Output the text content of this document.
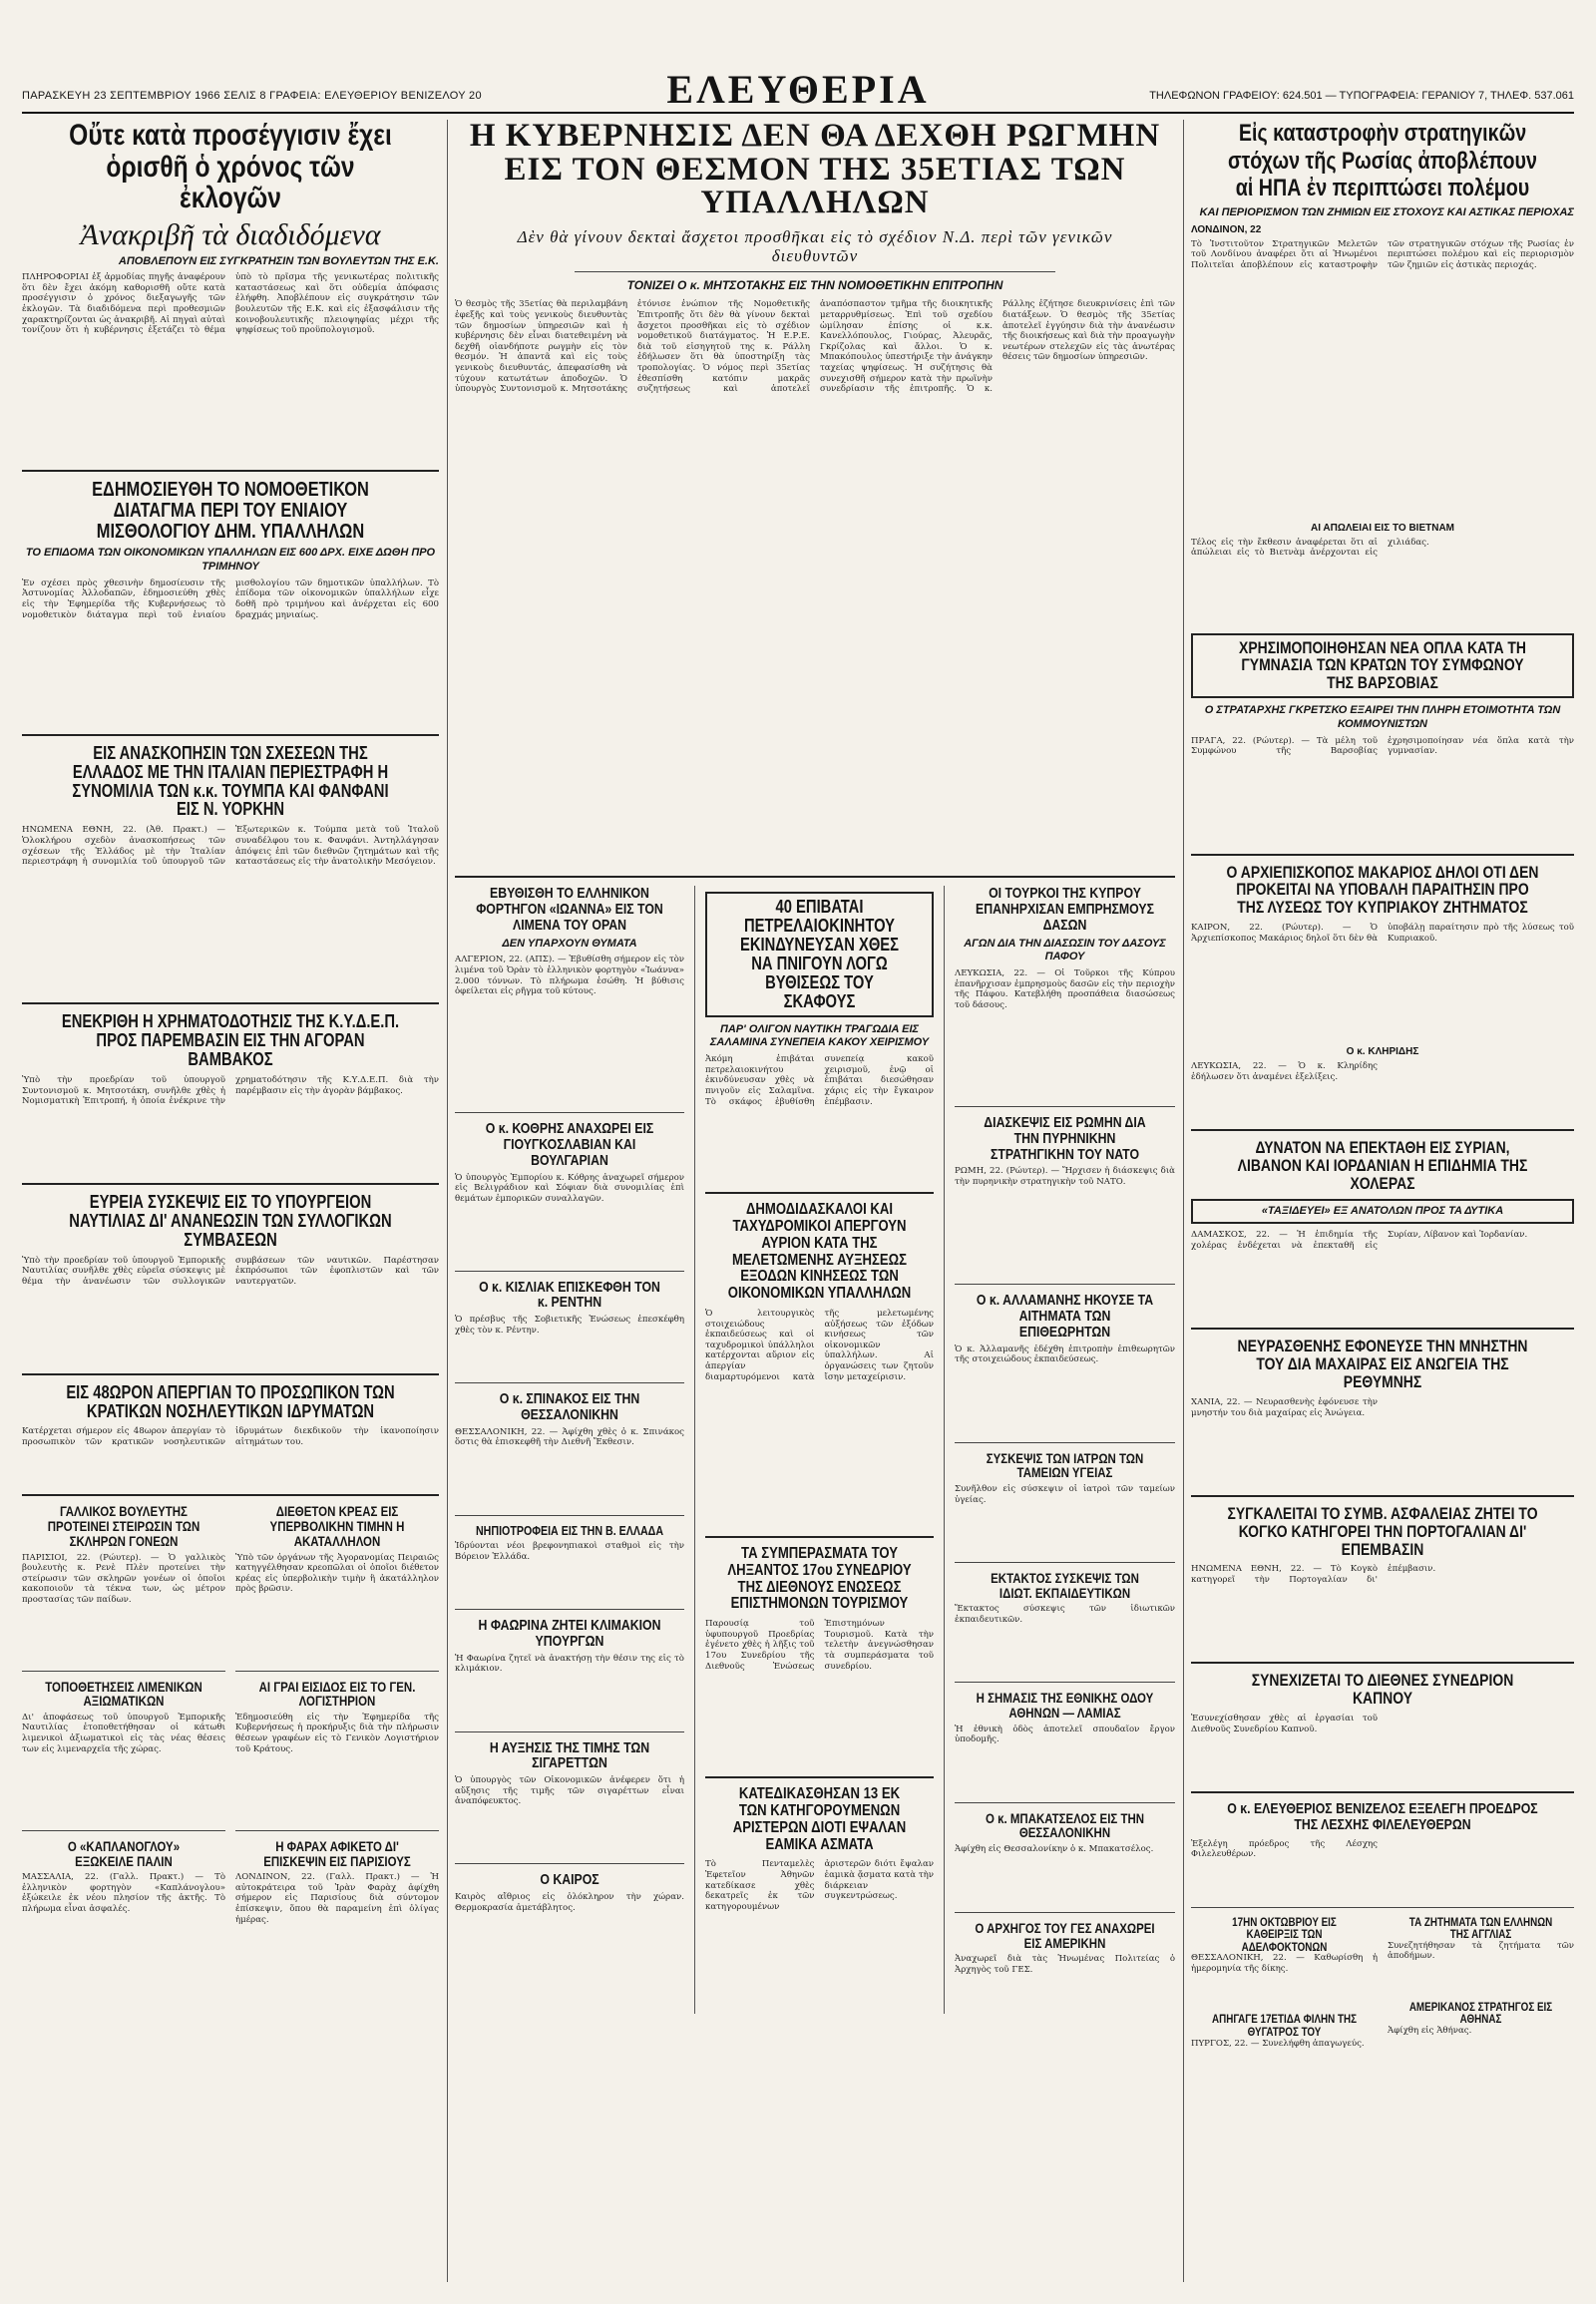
ΠΑΡΑΣΚΕΥΗ 23 ΣΕΠΤΕΜΒΡΙΟΥ 1966 ΣΕΛΙΣ 8 ΓΡΑΦΕΙΑ: ΕΛΕΥΘΕΡΙΟΥ ΒΕΝΙΖΕΛΟΥ 20	ΕΛΕΥΘΕΡΙΑ	ΤΗΛΕΦΩΝΟΝ ΓΡΑΦΕΙΟΥ: 624.501 — ΤΥΠΟΓΡΑΦΕΙΑ: ΓΕΡΑΝΙΟΥ 7, ΤΗΛΕΦ. 537.061
Οὔτε κατὰ προσέγγισιν ἔχει
ὁρισθῆ ὁ χρόνος τῶν ἐκλογῶν
Ἀνακριβῆ τὰ διαδιδόμενα
ΑΠΟΒΛΕΠΟΥΝ ΕΙΣ ΣΥΓΚΡΑΤΗΣΙΝ ΤΩΝ ΒΟΥΛΕΥΤΩΝ ΤΗΣ Ε.Κ.
ΠΛΗΡΟΦΟΡΙΑΙ ἐξ ἁρμοδίας πηγῆς ἀναφέρουν ὅτι δὲν ἔχει ἀκόμη καθορισθῆ οὔτε κατὰ προσέγγισιν ὁ χρόνος διεξαγωγῆς τῶν ἐκλογῶν. Τὰ διαδιδόμενα περὶ προθεσμιῶν χαρακτηρίζονται ὡς ἀνακριβῆ. Αἱ πηγαὶ αὐταὶ τονίζουν ὅτι ἡ κυβέρνησις ἐξετάζει τὸ θέμα ὑπὸ τὸ πρῖσμα τῆς γενικωτέρας πολιτικῆς καταστάσεως καὶ ὅτι οὐδεμία ἀπόφασις ἐλήφθη. Ἀποβλέπουν εἰς συγκράτησιν τῶν βουλευτῶν τῆς Ε.Κ. καὶ εἰς ἐξασφάλισιν τῆς κοινοβουλευτικῆς πλειοψηφίας μέχρι τῆς ψηφίσεως τοῦ προϋπολογισμοῦ.
ΕΔΗΜΟΣΙΕΥΘΗ ΤΟ ΝΟΜΟΘΕΤΙΚΟΝ ΔΙΑΤΑΓΜΑ ΠΕΡΙ ΤΟΥ ΕΝΙΑΙΟΥ ΜΙΣΘΟΛΟΓΙΟΥ ΔΗΜ. ΥΠΑΛΛΗΛΩΝ
ΤΟ ΕΠΙΔΟΜΑ ΤΩΝ ΟΙΚΟΝΟΜΙΚΩΝ ΥΠΑΛΛΗΛΩΝ ΕΙΣ 600 ΔΡΧ. ΕΙΧΕ ΔΩΘΗ ΠΡΟ ΤΡΙΜΗΝΟΥ
Ἐν σχέσει πρὸς χθεσινὴν δημοσίευσιν τῆς Ἀστυνομίας Ἀλλοδαπῶν, ἐδημοσιεύθη χθὲς εἰς τὴν Ἐφημερίδα τῆς Κυβερνήσεως τὸ νομοθετικὸν διάταγμα περὶ τοῦ ἑνιαίου μισθολογίου τῶν δημοτικῶν ὑπαλλήλων. Τὸ ἐπίδομα τῶν οἰκονομικῶν ὑπαλλήλων εἶχε δοθῆ πρὸ τριμήνου καὶ ἀνέρχεται εἰς 600 δραχμάς μηνιαίως.
ΕΙΣ ΑΝΑΣΚΟΠΗΣΙΝ ΤΩΝ ΣΧΕΣΕΩΝ ΤΗΣ ΕΛΛΑΔΟΣ ΜΕ ΤΗΝ ΙΤΑΛΙΑΝ ΠΕΡΙΕΣΤΡΑΦΗ Η ΣΥΝΟΜΙΛΙΑ ΤΩΝ κ.κ. ΤΟΥΜΠΑ ΚΑΙ ΦΑΝΦΑΝΙ ΕΙΣ Ν. ΥΟΡΚΗΝ
ΗΝΩΜΕΝΑ ΕΘΝΗ, 22. (Ἀθ. Πρακτ.) — Ὁλοκλήρου σχεδὸν ἀνασκοπήσεως τῶν σχέσεων τῆς Ἑλλάδος μὲ τὴν Ἰταλίαν περιεστράφη ἡ συνομιλία τοῦ ὑπουργοῦ τῶν Ἐξωτερικῶν κ. Τούμπα μετὰ τοῦ Ἰταλοῦ συναδέλφου του κ. Φανφάνι. Ἀντηλλάγησαν ἀπόψεις ἐπὶ τῶν διεθνῶν ζητημάτων καὶ τῆς καταστάσεως εἰς τὴν ἀνατολικὴν Μεσόγειον.
ΕΝΕΚΡΙΘΗ Η ΧΡΗΜΑΤΟΔΟΤΗΣΙΣ ΤΗΣ Κ.Υ.Δ.Ε.Π. ΠΡΟΣ ΠΑΡΕΜΒΑΣΙΝ ΕΙΣ ΤΗΝ ΑΓΟΡΑΝ ΒΑΜΒΑΚΟΣ
Ὑπὸ τὴν προεδρίαν τοῦ ὑπουργοῦ Συντονισμοῦ κ. Μητσοτάκη, συνῆλθε χθὲς ἡ Νομισματικὴ Ἐπιτροπή, ἡ ὁποία ἐνέκρινε τὴν χρηματοδότησιν τῆς Κ.Υ.Δ.Ε.Π. διὰ τὴν παρέμβασιν εἰς τὴν ἀγορὰν βάμβακος.
ΕΥΡΕΙΑ ΣΥΣΚΕΨΙΣ ΕΙΣ ΤΟ ΥΠΟΥΡΓΕΙΟΝ ΝΑΥΤΙΛΙΑΣ ΔΙ' ΑΝΑΝΕΩΣΙΝ ΤΩΝ ΣΥΛΛΟΓΙΚΩΝ ΣΥΜΒΑΣΕΩΝ
Ὑπὸ τὴν προεδρίαν τοῦ ὑπουργοῦ Ἐμπορικῆς Ναυτιλίας συνῆλθε χθὲς εὐρεῖα σύσκεψις μὲ θέμα τὴν ἀνανέωσιν τῶν συλλογικῶν συμβάσεων τῶν ναυτικῶν. Παρέστησαν ἐκπρόσωποι τῶν ἐφοπλιστῶν καὶ τῶν ναυτεργατῶν.
ΕΙΣ 48ΩΡΟΝ ΑΠΕΡΓΙΑΝ ΤΟ ΠΡΟΣΩΠΙΚΟΝ ΤΩΝ ΚΡΑΤΙΚΩΝ ΝΟΣΗΛΕΥΤΙΚΩΝ ΙΔΡΥΜΑΤΩΝ
Κατέρχεται σήμερον εἰς 48ωρον ἀπεργίαν τὸ προσωπικὸν τῶν κρατικῶν νοσηλευτικῶν ἱδρυμάτων διεκδικοῦν τὴν ἱκανοποίησιν αἰτημάτων του.
ΓΑΛΛΙΚΟΣ ΒΟΥΛΕΥΤΗΣ ΠΡΟΤΕΙΝΕΙ ΣΤΕΙΡΩΣΙΝ ΤΩΝ ΣΚΛΗΡΩΝ ΓΟΝΕΩΝ
ΠΑΡΙΣΙΟΙ, 22. (Ρώυτερ). — Ὁ γαλλικὸς βουλευτὴς κ. Ρενὲ Πλὲν προτείνει τὴν στείρωσιν τῶν σκληρῶν γονέων οἱ ὁποῖοι κακοποιοῦν τὰ τέκνα των, ὡς μέτρον προστασίας τῶν παίδων.
ΤΟΠΟΘΕΤΗΣΕΙΣ ΛΙΜΕΝΙΚΩΝ ΑΞΙΩΜΑΤΙΚΩΝ
Δι' ἀποφάσεως τοῦ ὑπουργοῦ Ἐμπορικῆς Ναυτιλίας ἐτοποθετήθησαν οἱ κάτωθι λιμενικοὶ ἀξιωματικοὶ εἰς τὰς νέας θέσεις των εἰς λιμεναρχεῖα τῆς χώρας.
Ο «ΚΑΠΛΑΝΟΓΛΟΥ» ΕΞΩΚΕΙΛΕ ΠΑΛΙΝ
ΜΑΣΣΑΛΙΑ, 22. (Γαλλ. Πρακτ.) — Τὸ ἑλληνικὸν φορτηγὸν «Καπλάνογλου» ἐξώκειλε ἐκ νέου πλησίον τῆς ἀκτῆς. Τὸ πλήρωμα εἶναι ἀσφαλές.
ΔΙΕΘΕΤΟΝ ΚΡΕΑΣ ΕΙΣ ΥΠΕΡΒΟΛΙΚΗΝ ΤΙΜΗΝ Η ΑΚΑΤΑΛΛΗΛΟΝ
Ὑπὸ τῶν ὀργάνων τῆς Ἀγορανομίας Πειραιῶς κατηγγέλθησαν κρεοπῶλαι οἱ ὁποῖοι διέθετον κρέας εἰς ὑπερβολικὴν τιμὴν ἢ ἀκατάλληλον πρὸς βρῶσιν.
ΑΙ ΓΡΑΙ ΕΙΣΙΔΟΣ ΕΙΣ ΤΟ ΓΕΝ. ΛΟΓΙΣΤΗΡΙΟΝ
Ἐδημοσιεύθη εἰς τὴν Ἐφημερίδα τῆς Κυβερνήσεως ἡ προκήρυξις διὰ τὴν πλήρωσιν θέσεων γραφέων εἰς τὸ Γενικὸν Λογιστήριον τοῦ Κράτους.
Η ΦΑΡΑΧ ΑΦΙΚΕΤΟ ΔΙ' ΕΠΙΣΚΕΨΙΝ ΕΙΣ ΠΑΡΙΣΙΟΥΣ
ΛΟΝΔΙΝΟΝ, 22. (Γαλλ. Πρακτ.) — Ἡ αὐτοκράτειρα τοῦ Ἰρὰν Φαρὰχ ἀφίχθη σήμερον εἰς Παρισίους διὰ σύντομον ἐπίσκεψιν, ὅπου θὰ παραμείνη ἐπὶ ὀλίγας ἡμέρας.
Η ΚΥΒΕΡΝΗΣΙΣ ΔΕΝ ΘΑ ΔΕΧΘΗ ΡΩΓΜΗΝ ΕΙΣ ΤΟΝ ΘΕΣΜΟΝ ΤΗΣ 35ΕΤΙΑΣ ΤΩΝ ΥΠΑΛΛΗΛΩΝ
Δὲν θὰ γίνουν δεκταὶ ἄσχετοι προσθῆκαι εἰς τὸ σχέδιον Ν.Δ. περὶ τῶν γενικῶν διευθυντῶν
ΤΟΝΙΖΕΙ Ο κ. ΜΗΤΣΟΤΑΚΗΣ ΕΙΣ ΤΗΝ ΝΟΜΟΘΕΤΙΚΗΝ ΕΠΙΤΡΟΠΗΝ
Ὁ θεσμὸς τῆς 35ετίας θὰ περιλαμβάνη ἐφεξῆς καὶ τοὺς γενικοὺς διευθυντὰς τῶν δημοσίων ὑπηρεσιῶν καὶ ἡ κυβέρνησις δὲν εἶναι διατεθειμένη νὰ δεχθῆ οἱανδήποτε ρωγμὴν εἰς τὸν θεσμόν. Ἡ ἀπαντᾶ καὶ εἰς τοὺς γενικοὺς διευθυντάς, ἀπεφασίσθη νὰ τύχουν κατωτάτων ἀποδοχῶν. Ὁ ὑπουργὸς Συντονισμοῦ κ. Μητσοτάκης ἐτόνισε ἐνώπιον τῆς Νομοθετικῆς Ἐπιτροπῆς ὅτι δὲν θὰ γίνουν δεκταὶ ἄσχετοι προσθῆκαι εἰς τὸ σχέδιον νομοθετικοῦ διατάγματος. Ἡ Ε.Ρ.Ε. διὰ τοῦ εἰσηγητοῦ της κ. Ράλλη ἐδήλωσεν ὅτι θὰ ὑποστηρίξη τὰς τροπολογίας. Ὁ νόμος περὶ 35ετίας ἐθεσπίσθη κατόπιν μακρᾶς συζητήσεως καὶ ἀποτελεῖ ἀναπόσπαστον τμῆμα τῆς διοικητικῆς μεταρρυθμίσεως. Ἐπὶ τοῦ σχεδίου ὡμίλησαν ἐπίσης οἱ κ.κ. Κανελλόπουλος, Γιούρας, Ἀλευρᾶς, Γκρίζολας καὶ ἄλλοι. Ὁ κ. Μπακόπουλος ὑπεστήριξε τὴν ἀνάγκην ταχείας ψηφίσεως. Ἡ συζήτησις θὰ συνεχισθῆ σήμερον κατὰ τὴν πρωϊνὴν συνεδρίασιν τῆς ἐπιτροπῆς. Ὁ κ. Ράλλης ἐζήτησε διευκρινίσεις ἐπὶ τῶν διατάξεων. Ὁ θεσμὸς τῆς 35ετίας ἀποτελεῖ ἐγγύησιν διὰ τὴν ἀνανέωσιν τῆς διοικήσεως καὶ διὰ τὴν προαγωγὴν νεωτέρων στελεχῶν εἰς τὰς ἀνωτέρας θέσεις τῶν δημοσίων ὑπηρεσιῶν.
ΕΒΥΘΙΣΘΗ ΤΟ ΕΛΛΗΝΙΚΟΝ ΦΟΡΤΗΓΟΝ «ΙΩΑΝΝΑ» ΕΙΣ ΤΟΝ ΛΙΜΕΝΑ ΤΟΥ ΟΡΑΝ
ΔΕΝ ΥΠΑΡΧΟΥΝ ΘΥΜΑΤΑ
ΑΛΓΕΡΙΟΝ, 22. (ΑΠΣ). — Ἐβυθίσθη σήμερον εἰς τὸν λιμένα τοῦ Ὀρὰν τὸ ἑλληνικὸν φορτηγὸν «Ἰωάννα» 2.000 τόννων. Τὸ πλήρωμα ἐσώθη. Ἡ βύθισις ὀφείλεται εἰς ρῆγμα τοῦ κύτους.
Ο κ. ΚΟΘΡΗΣ ΑΝΑΧΩΡΕΙ ΕΙΣ ΓΙΟΥΓΚΟΣΛΑΒΙΑΝ ΚΑΙ ΒΟΥΛΓΑΡΙΑΝ
Ὁ ὑπουργὸς Ἐμπορίου κ. Κόθρης ἀναχωρεῖ σήμερον εἰς Βελιγράδιον καὶ Σόφιαν διὰ συνομιλίας ἐπὶ θεμάτων ἐμπορικῶν συναλλαγῶν.
Ο κ. ΚΙΣΛΙΑΚ ΕΠΙΣΚΕΦΘΗ ΤΟΝ κ. ΡΕΝΤΗΝ
Ὁ πρέσβυς τῆς Σοβιετικῆς Ἑνώσεως ἐπεσκέφθη χθὲς τὸν κ. Ρέντην.
Ο κ. ΣΠΙΝΑΚΟΣ ΕΙΣ ΤΗΝ ΘΕΣΣΑΛΟΝΙΚΗΝ
ΘΕΣΣΑΛΟΝΙΚΗ, 22. — Ἀφίχθη χθὲς ὁ κ. Σπινάκος ὅστις θὰ ἐπισκεφθῆ τὴν Διεθνῆ Ἔκθεσιν.
ΝΗΠΙΟΤΡΟΦΕΙΑ ΕΙΣ ΤΗΝ Β. ΕΛΛΑΔΑ
Ἱδρύονται νέοι βρεφονηπιακοὶ σταθμοὶ εἰς τὴν Βόρειον Ἑλλάδα.
Η ΦΑΩΡΙΝΑ ΖΗΤΕΙ ΚΛΙΜΑΚΙΟΝ ΥΠΟΥΡΓΩΝ
Ἡ Φαωρίνα ζητεῖ νὰ ἀνακτήσῃ τὴν θέσιν της εἰς τὸ κλιμάκιον.
Η ΑΥΞΗΣΙΣ ΤΗΣ ΤΙΜΗΣ ΤΩΝ ΣΙΓΑΡΕΤΤΩΝ
Ὁ ὑπουργὸς τῶν Οἰκονομικῶν ἀνέφερεν ὅτι ἡ αὔξησις τῆς τιμῆς τῶν σιγαρέττων εἶναι ἀναπόφευκτος.
Ο ΚΑΙΡΟΣ
Καιρὸς αἴθριος εἰς ὁλόκληρον τὴν χώραν. Θερμοκρασία ἀμετάβλητος.
40 ΕΠΙΒΑΤΑΙ ΠΕΤΡΕΛΑΙΟΚΙΝΗΤΟΥ ΕΚΙΝΔΥΝΕΥΣΑΝ ΧΘΕΣ ΝΑ ΠΝΙΓΟΥΝ ΛΟΓΩ ΒΥΘΙΣΕΩΣ ΤΟΥ ΣΚΑΦΟΥΣ
ΠΑΡ' ΟΛΙΓΟΝ ΝΑΥΤΙΚΗ ΤΡΑΓΩΔΙΑ ΕΙΣ ΣΑΛΑΜΙΝΑ ΣΥΝΕΠΕΙΑ ΚΑΚΟΥ ΧΕΙΡΙΣΜΟΥ
Ἀκόμη ἐπιβάται πετρελαιοκινήτου ἐκινδύνευσαν χθὲς νὰ πνιγοῦν εἰς Σαλαμῖνα. Τὸ σκάφος ἐβυθίσθη συνεπείᾳ κακοῦ χειρισμοῦ, ἐνῷ οἱ ἐπιβάται διεσώθησαν χάρις εἰς τὴν ἔγκαιρον ἐπέμβασιν.
ΔΗΜΟΔΙΔΑΣΚΑΛΟΙ ΚΑΙ ΤΑΧΥΔΡΟΜΙΚΟΙ ΑΠΕΡΓΟΥΝ ΑΥΡΙΟΝ ΚΑΤΑ ΤΗΣ ΜΕΛΕΤΩΜΕΝΗΣ ΑΥΞΗΣΕΩΣ ΕΞΟΔΩΝ ΚΙΝΗΣΕΩΣ ΤΩΝ ΟΙΚΟΝΟΜΙΚΩΝ ΥΠΑΛΛΗΛΩΝ
Ὁ λειτουργικὸς στοιχειώδους ἐκπαιδεύσεως καὶ οἱ ταχυδρομικοὶ ὑπάλληλοι κατέρχονται αὔριον εἰς ἀπεργίαν διαμαρτυρόμενοι κατὰ τῆς μελετωμένης αὐξήσεως τῶν ἐξόδων κινήσεως τῶν οἰκονομικῶν ὑπαλλήλων. Αἱ ὀργανώσεις των ζητοῦν ἴσην μεταχείρισιν.
ΤΑ ΣΥΜΠΕΡΑΣΜΑΤΑ ΤΟΥ ΛΗΞΑΝΤΟΣ 17ου ΣΥΝΕΔΡΙΟΥ ΤΗΣ ΔΙΕΘΝΟΥΣ ΕΝΩΣΕΩΣ ΕΠΙΣΤΗΜΟΝΩΝ ΤΟΥΡΙΣΜΟΥ
Παρουσίᾳ τοῦ ὑφυπουργοῦ Προεδρίας ἐγένετο χθὲς ἡ λῆξις τοῦ 17ου Συνεδρίου τῆς Διεθνοῦς Ἑνώσεως Ἐπιστημόνων Τουρισμοῦ. Κατὰ τὴν τελετὴν ἀνεγνώσθησαν τὰ συμπεράσματα τοῦ συνεδρίου.
ΚΑΤΕΔΙΚΑΣΘΗΣΑΝ 13 ΕΚ ΤΩΝ ΚΑΤΗΓΟΡΟΥΜΕΝΩΝ ΑΡΙΣΤΕΡΩΝ ΔΙΟΤΙ ΕΨΑΛΑΝ ΕΑΜΙΚΑ ΑΣΜΑΤΑ
Τὸ Πενταμελὲς Ἐφετεῖον Ἀθηνῶν κατεδίκασε χθὲς δεκατρεῖς ἐκ τῶν κατηγορουμένων ἀριστερῶν διότι ἔψαλαν ἐαμικὰ ᾄσματα κατὰ τὴν διάρκειαν συγκεντρώσεως.
ΟΙ ΤΟΥΡΚΟΙ ΤΗΣ ΚΥΠΡΟΥ ΕΠΑΝΗΡΧΙΣΑΝ ΕΜΠΡΗΣΜΟΥΣ ΔΑΣΩΝ
ΑΓΩΝ ΔΙΑ ΤΗΝ ΔΙΑΣΩΣΙΝ ΤΟΥ ΔΑΣΟΥΣ ΠΑΦΟΥ
ΛΕΥΚΩΣΙΑ, 22. — Οἱ Τοῦρκοι τῆς Κύπρου ἐπανῆρχισαν ἐμπρησμοὺς δασῶν εἰς τὴν περιοχὴν τῆς Πάφου. Κατεβλήθη προσπάθεια διασώσεως τοῦ δάσους.
ΔΙΑΣΚΕΨΙΣ ΕΙΣ ΡΩΜΗΝ ΔΙΑ ΤΗΝ ΠΥΡΗΝΙΚΗΝ ΣΤΡΑΤΗΓΙΚΗΝ ΤΟΥ ΝΑΤΟ
ΡΩΜΗ, 22. (Ρώυτερ). — Ἤρχισεν ἡ διάσκεψις διὰ τὴν πυρηνικὴν στρατηγικὴν τοῦ ΝΑΤΟ.
Ο κ. ΑΛΛΑΜΑΝΗΣ ΗΚΟΥΣΕ ΤΑ ΑΙΤΗΜΑΤΑ ΤΩΝ ΕΠΙΘΕΩΡΗΤΩΝ
Ὁ κ. Ἀλλαμανῆς ἐδέχθη ἐπιτροπὴν ἐπιθεωρητῶν τῆς στοιχειώδους ἐκπαιδεύσεως.
ΣΥΣΚΕΨΙΣ ΤΩΝ ΙΑΤΡΩΝ ΤΩΝ ΤΑΜΕΙΩΝ ΥΓΕΙΑΣ
Συνῆλθον εἰς σύσκεψιν οἱ ἰατροὶ τῶν ταμείων ὑγείας.
ΕΚΤΑΚΤΟΣ ΣΥΣΚΕΨΙΣ ΤΩΝ ΙΔΙΩΤ. ΕΚΠΑΙΔΕΥΤΙΚΩΝ
Ἔκτακτος σύσκεψις τῶν ἰδιωτικῶν ἐκπαιδευτικῶν.
Η ΣΗΜΑΣΙΣ ΤΗΣ ΕΘΝΙΚΗΣ ΟΔΟΥ ΑΘΗΝΩΝ — ΛΑΜΙΑΣ
Ἡ ἐθνικὴ ὁδὸς ἀποτελεῖ σπουδαῖον ἔργον ὑποδομῆς.
Ο κ. ΜΠΑΚΑΤΣΕΛΟΣ ΕΙΣ ΤΗΝ ΘΕΣΣΑΛΟΝΙΚΗΝ
Ἀφίχθη εἰς Θεσσαλονίκην ὁ κ. Μπακατσέλος.
Ο ΑΡΧΗΓΟΣ ΤΟΥ ΓΕΣ ΑΝΑΧΩΡΕΙ ΕΙΣ ΑΜΕΡΙΚΗΝ
Ἀναχωρεῖ διὰ τὰς Ἡνωμένας Πολιτείας ὁ Ἀρχηγὸς τοῦ ΓΕΣ.
Εἰς καταστροφὴν στρατηγικῶν στόχων τῆς Ρωσίας ἀποβλέπουν αἱ ΗΠΑ ἐν περιπτώσει πολέμου
ΚΑΙ ΠΕΡΙΟΡΙΣΜΟΝ ΤΩΝ ΖΗΜΙΩΝ ΕΙΣ ΣΤΟΧΟΥΣ ΚΑΙ ΑΣΤΙΚΑΣ ΠΕΡΙΟΧΑΣ
ΛΟΝΔΙΝΟΝ, 22
Τὸ Ἰνστιτοῦτον Στρατηγικῶν Μελετῶν τοῦ Λονδίνου ἀναφέρει ὅτι αἱ Ἡνωμένοι Πολιτεῖαι ἀποβλέπουν εἰς καταστροφὴν τῶν στρατηγικῶν στόχων τῆς Ρωσίας ἐν περιπτώσει πολέμου καὶ εἰς περιορισμὸν τῶν ζημιῶν εἰς ἀστικὰς περιοχάς.
ΑΙ ΑΠΩΛΕΙΑΙ ΕΙΣ ΤΟ ΒΙΕΤΝΑΜ
Τέλος εἰς τὴν ἔκθεσιν ἀναφέρεται ὅτι αἱ ἀπώλειαι εἰς τὸ Βιετνὰμ ἀνέρχονται εἰς χιλιάδας.
ΧΡΗΣΙΜΟΠΟΙΗΘΗΣΑΝ ΝΕΑ ΟΠΛΑ ΚΑΤΑ ΤΗ ΓΥΜΝΑΣΙΑ ΤΩΝ ΚΡΑΤΩΝ ΤΟΥ ΣΥΜΦΩΝΟΥ ΤΗΣ ΒΑΡΣΟΒΙΑΣ
Ο ΣΤΡΑΤΑΡΧΗΣ ΓΚΡΕΤΣΚΟ ΕΞΑΙΡΕΙ ΤΗΝ ΠΛΗΡΗ ΕΤΟΙΜΟΤΗΤΑ ΤΩΝ ΚΟΜΜΟΥΝΙΣΤΩΝ
ΠΡΑΓΑ, 22. (Ρώυτερ). — Τὰ μέλη τοῦ Συμφώνου τῆς Βαρσοβίας ἐχρησιμοποίησαν νέα ὅπλα κατὰ τὴν γυμνασίαν.
Ο ΑΡΧΙΕΠΙΣΚΟΠΟΣ ΜΑΚΑΡΙΟΣ ΔΗΛΟΙ ΟΤΙ ΔΕΝ ΠΡΟΚΕΙΤΑΙ ΝΑ ΥΠΟΒΑΛΗ ΠΑΡΑΙΤΗΣΙΝ ΠΡΟ ΤΗΣ ΛΥΣΕΩΣ ΤΟΥ ΚΥΠΡΙΑΚΟΥ ΖΗΤΗΜΑΤΟΣ
ΚΑΙΡΟΝ, 22. (Ρώυτερ). — Ὁ Ἀρχιεπίσκοπος Μακάριος δηλοῖ ὅτι δὲν θὰ ὑποβάλῃ παραίτησιν πρὸ τῆς λύσεως τοῦ Κυπριακοῦ.
Ο κ. ΚΛΗΡΙΔΗΣ
ΛΕΥΚΩΣΙΑ, 22. — Ὁ κ. Κληρίδης ἐδήλωσεν ὅτι ἀναμένει ἐξελίξεις.
ΔΥΝΑΤΟΝ ΝΑ ΕΠΕΚΤΑΘΗ ΕΙΣ ΣΥΡΙΑΝ, ΛΙΒΑΝΟΝ ΚΑΙ ΙΟΡΔΑΝΙΑΝ Η ΕΠΙΔΗΜΙΑ ΤΗΣ ΧΟΛΕΡΑΣ
«ΤΑΞΙΔΕΥΕΙ» ΕΞ ΑΝΑΤΟΛΩΝ ΠΡΟΣ ΤΑ ΔΥΤΙΚΑ
ΔΑΜΑΣΚΟΣ, 22. — Ἡ ἐπιδημία τῆς χολέρας ἐνδέχεται νὰ ἐπεκταθῆ εἰς Συρίαν, Λίβανον καὶ Ἰορδανίαν.
ΝΕΥΡΑΣΘΕΝΗΣ ΕΦΟΝΕΥΣΕ ΤΗΝ ΜΝΗΣΤΗΝ ΤΟΥ ΔΙΑ ΜΑΧΑΙΡΑΣ ΕΙΣ ΑΝΩΓΕΙΑ ΤΗΣ ΡΕΘΥΜΝΗΣ
ΧΑΝΙΑ, 22. — Νευρασθενὴς ἐφόνευσε τὴν μνηστήν του διὰ μαχαίρας εἰς Ἀνώγεια.
ΣΥΓΚΑΛΕΙΤΑΙ ΤΟ ΣΥΜΒ. ΑΣΦΑΛΕΙΑΣ ΖΗΤΕΙ ΤΟ ΚΟΓΚΟ ΚΑΤΗΓΟΡΕΙ ΤΗΝ ΠΟΡΤΟΓΑΛΙΑΝ ΔΙ' ΕΠΕΜΒΑΣΙΝ
ΗΝΩΜΕΝΑ ΕΘΝΗ, 22. — Τὸ Κογκὸ κατηγορεῖ τὴν Πορτογαλίαν δι' ἐπέμβασιν.
ΣΥΝΕΧΙΖΕΤΑΙ ΤΟ ΔΙΕΘΝΕΣ ΣΥΝΕΔΡΙΟΝ ΚΑΠΝΟΥ
Ἐσυνεχίσθησαν χθὲς αἱ ἐργασίαι τοῦ Διεθνοῦς Συνεδρίου Καπνοῦ.
Ο κ. ΕΛΕΥΘΕΡΙΟΣ ΒΕΝΙΖΕΛΟΣ ΕΞΕΛΕΓΗ ΠΡΟΕΔΡΟΣ ΤΗΣ ΛΕΣΧΗΣ ΦΙΛΕΛΕΥΘΕΡΩΝ
Ἐξελέγη πρόεδρος τῆς Λέσχης Φιλελευθέρων.
17ΗΝ ΟΚΤΩΒΡΙΟΥ ΕΙΣ ΚΑΘΕΙΡΞΙΣ ΤΩΝ ΑΔΕΛΦΟΚΤΟΝΩΝ
ΘΕΣΣΑΛΟΝΙΚΗ, 22. — Καθωρίσθη ἡ ἡμερομηνία τῆς δίκης.
ΑΠΗΓΑΓΕ 17ΕΤΙΔΑ ΦΙΛΗΝ ΤΗΣ ΘΥΓΑΤΡΟΣ ΤΟΥ
ΠΥΡΓΟΣ, 22. — Συνελήφθη ἀπαγωγεύς.
ΤΑ ΖΗΤΗΜΑΤΑ ΤΩΝ ΕΛΛΗΝΩΝ ΤΗΣ ΑΓΓΛΙΑΣ
Συνεζητήθησαν τὰ ζητήματα τῶν ἀποδήμων.
ΑΜΕΡΙΚΑΝΟΣ ΣΤΡΑΤΗΓΟΣ ΕΙΣ ΑΘΗΝΑΣ
Ἀφίχθη εἰς Ἀθήνας.
